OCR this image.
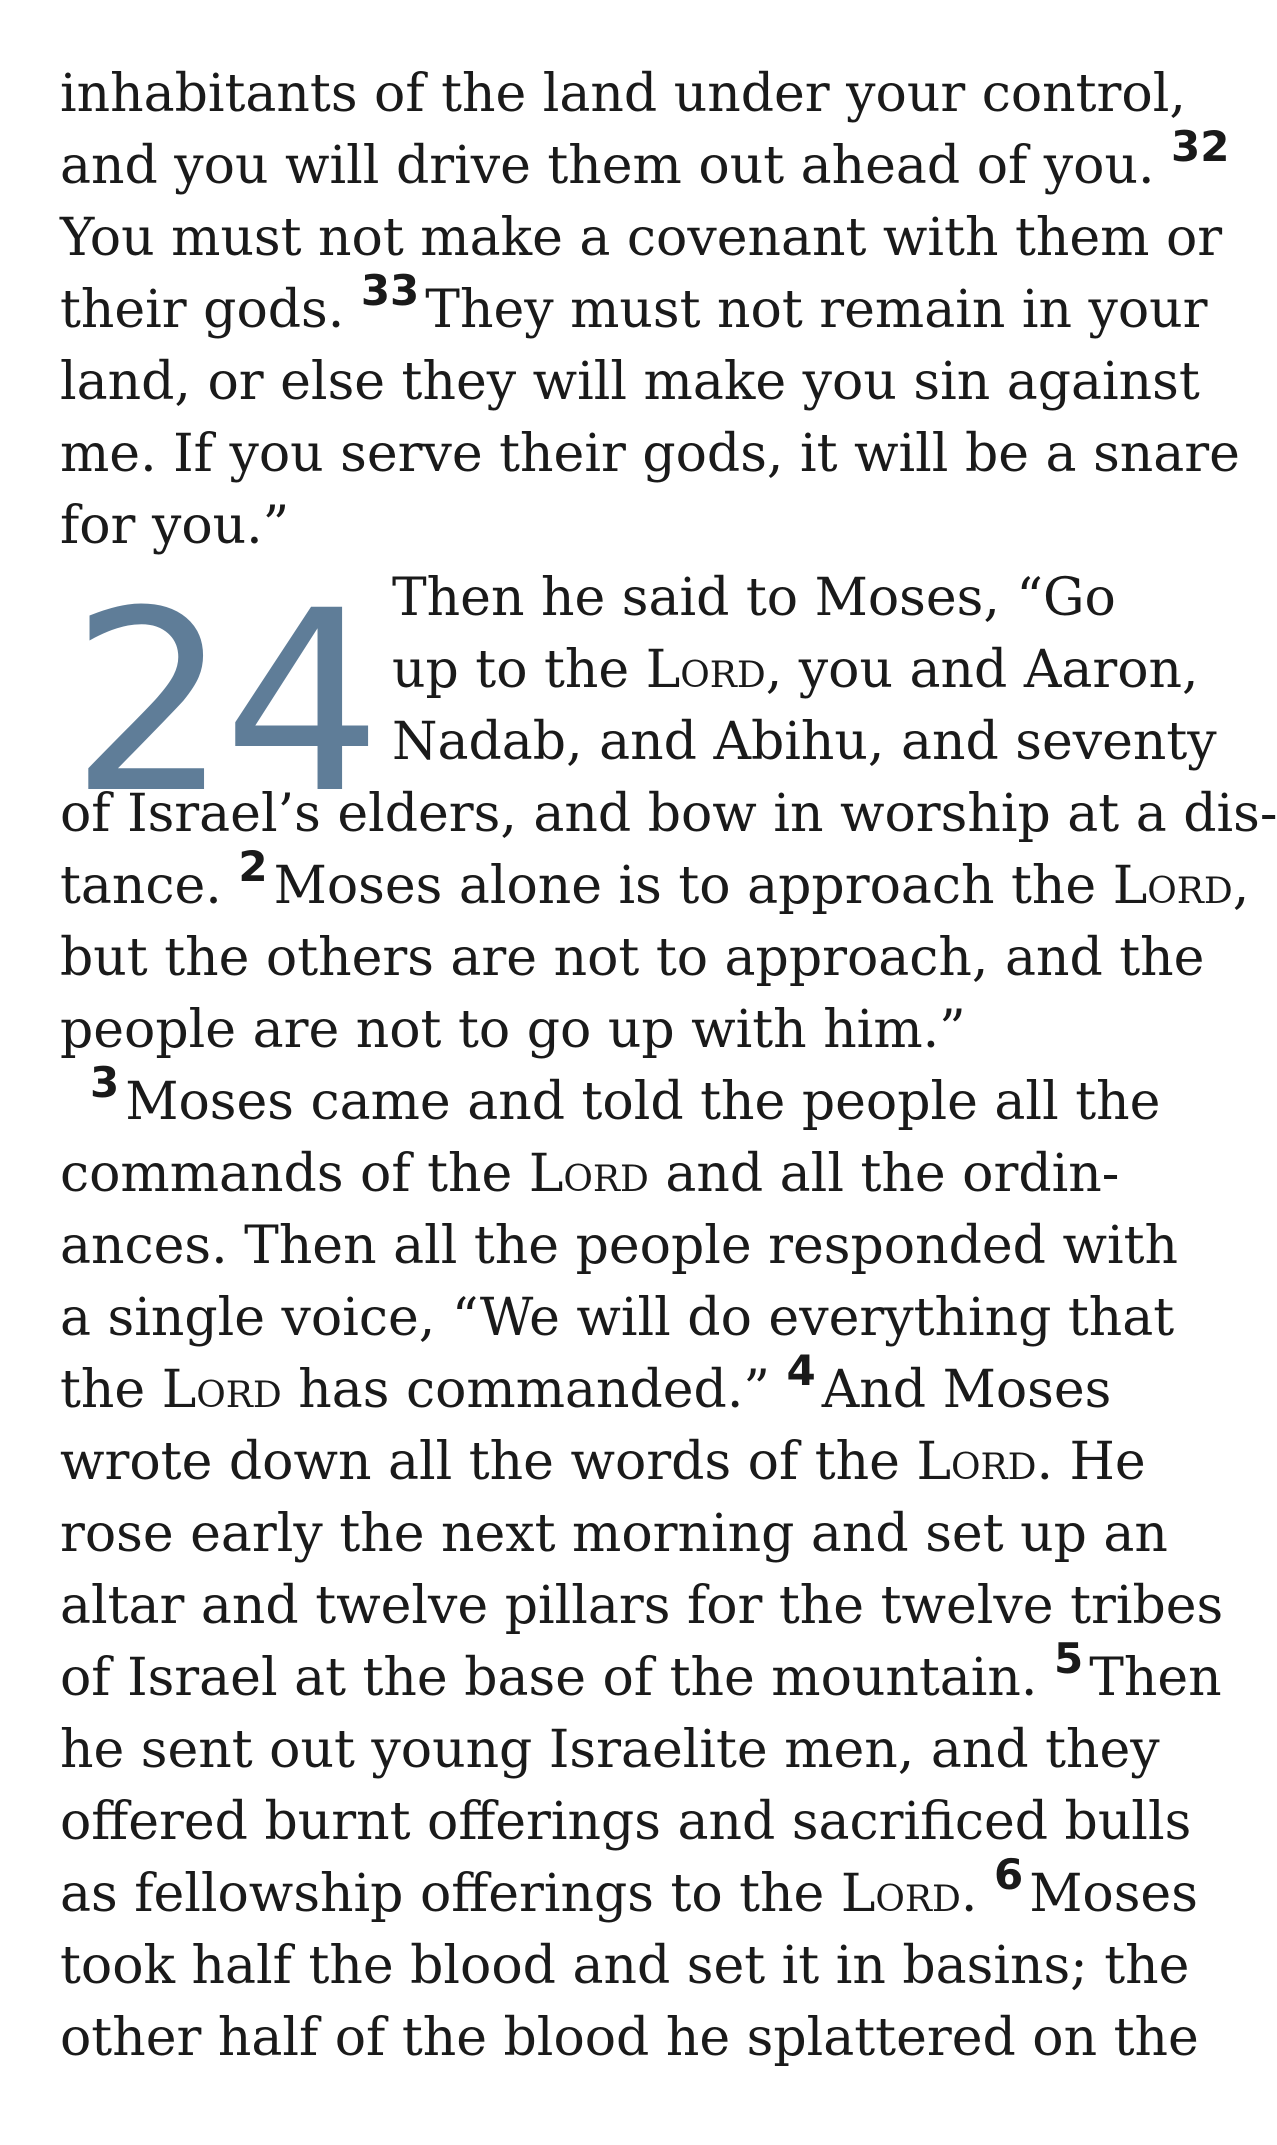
inhabitants of the land under your control,
and you will drive them out ahead of you. $^{32}$
You must not make a covenant with them or
their gods. $^{33}$ They must not remain in your
land, or else they will make you sin against
me. If you serve their gods, it will be a snare
for you.”
Then he said to Moses, “Go
up to the Lord, you and Aaron,
Nadab, and Abihu, and seventy
of Israel’s elders, and bow in worship at a dis-
tance. $^2$ Moses alone is to approach the Lord,
but the others are not to approach, and the
people are not to go up with him.”
$^3$ Moses came and told the people all the
commands of the Lord and all the ordin-
ances. Then all the people responded with
a single voice, “We will do everything that
the Lord has commanded.” $^4$ And Moses
wrote down all the words of the Lord. He
rose early the next morning and set up an
altar and twelve pillars for the twelve tribes
of Israel at the base of the mountain. $^5$ Then
he sent out young Israelite men, and they
offered burnt offerings and sacrificed bulls
as fellowship offerings to the Lord. $^6$ Moses
took half the blood and set it in basins; the
other half of the blood he splattered on the
24
